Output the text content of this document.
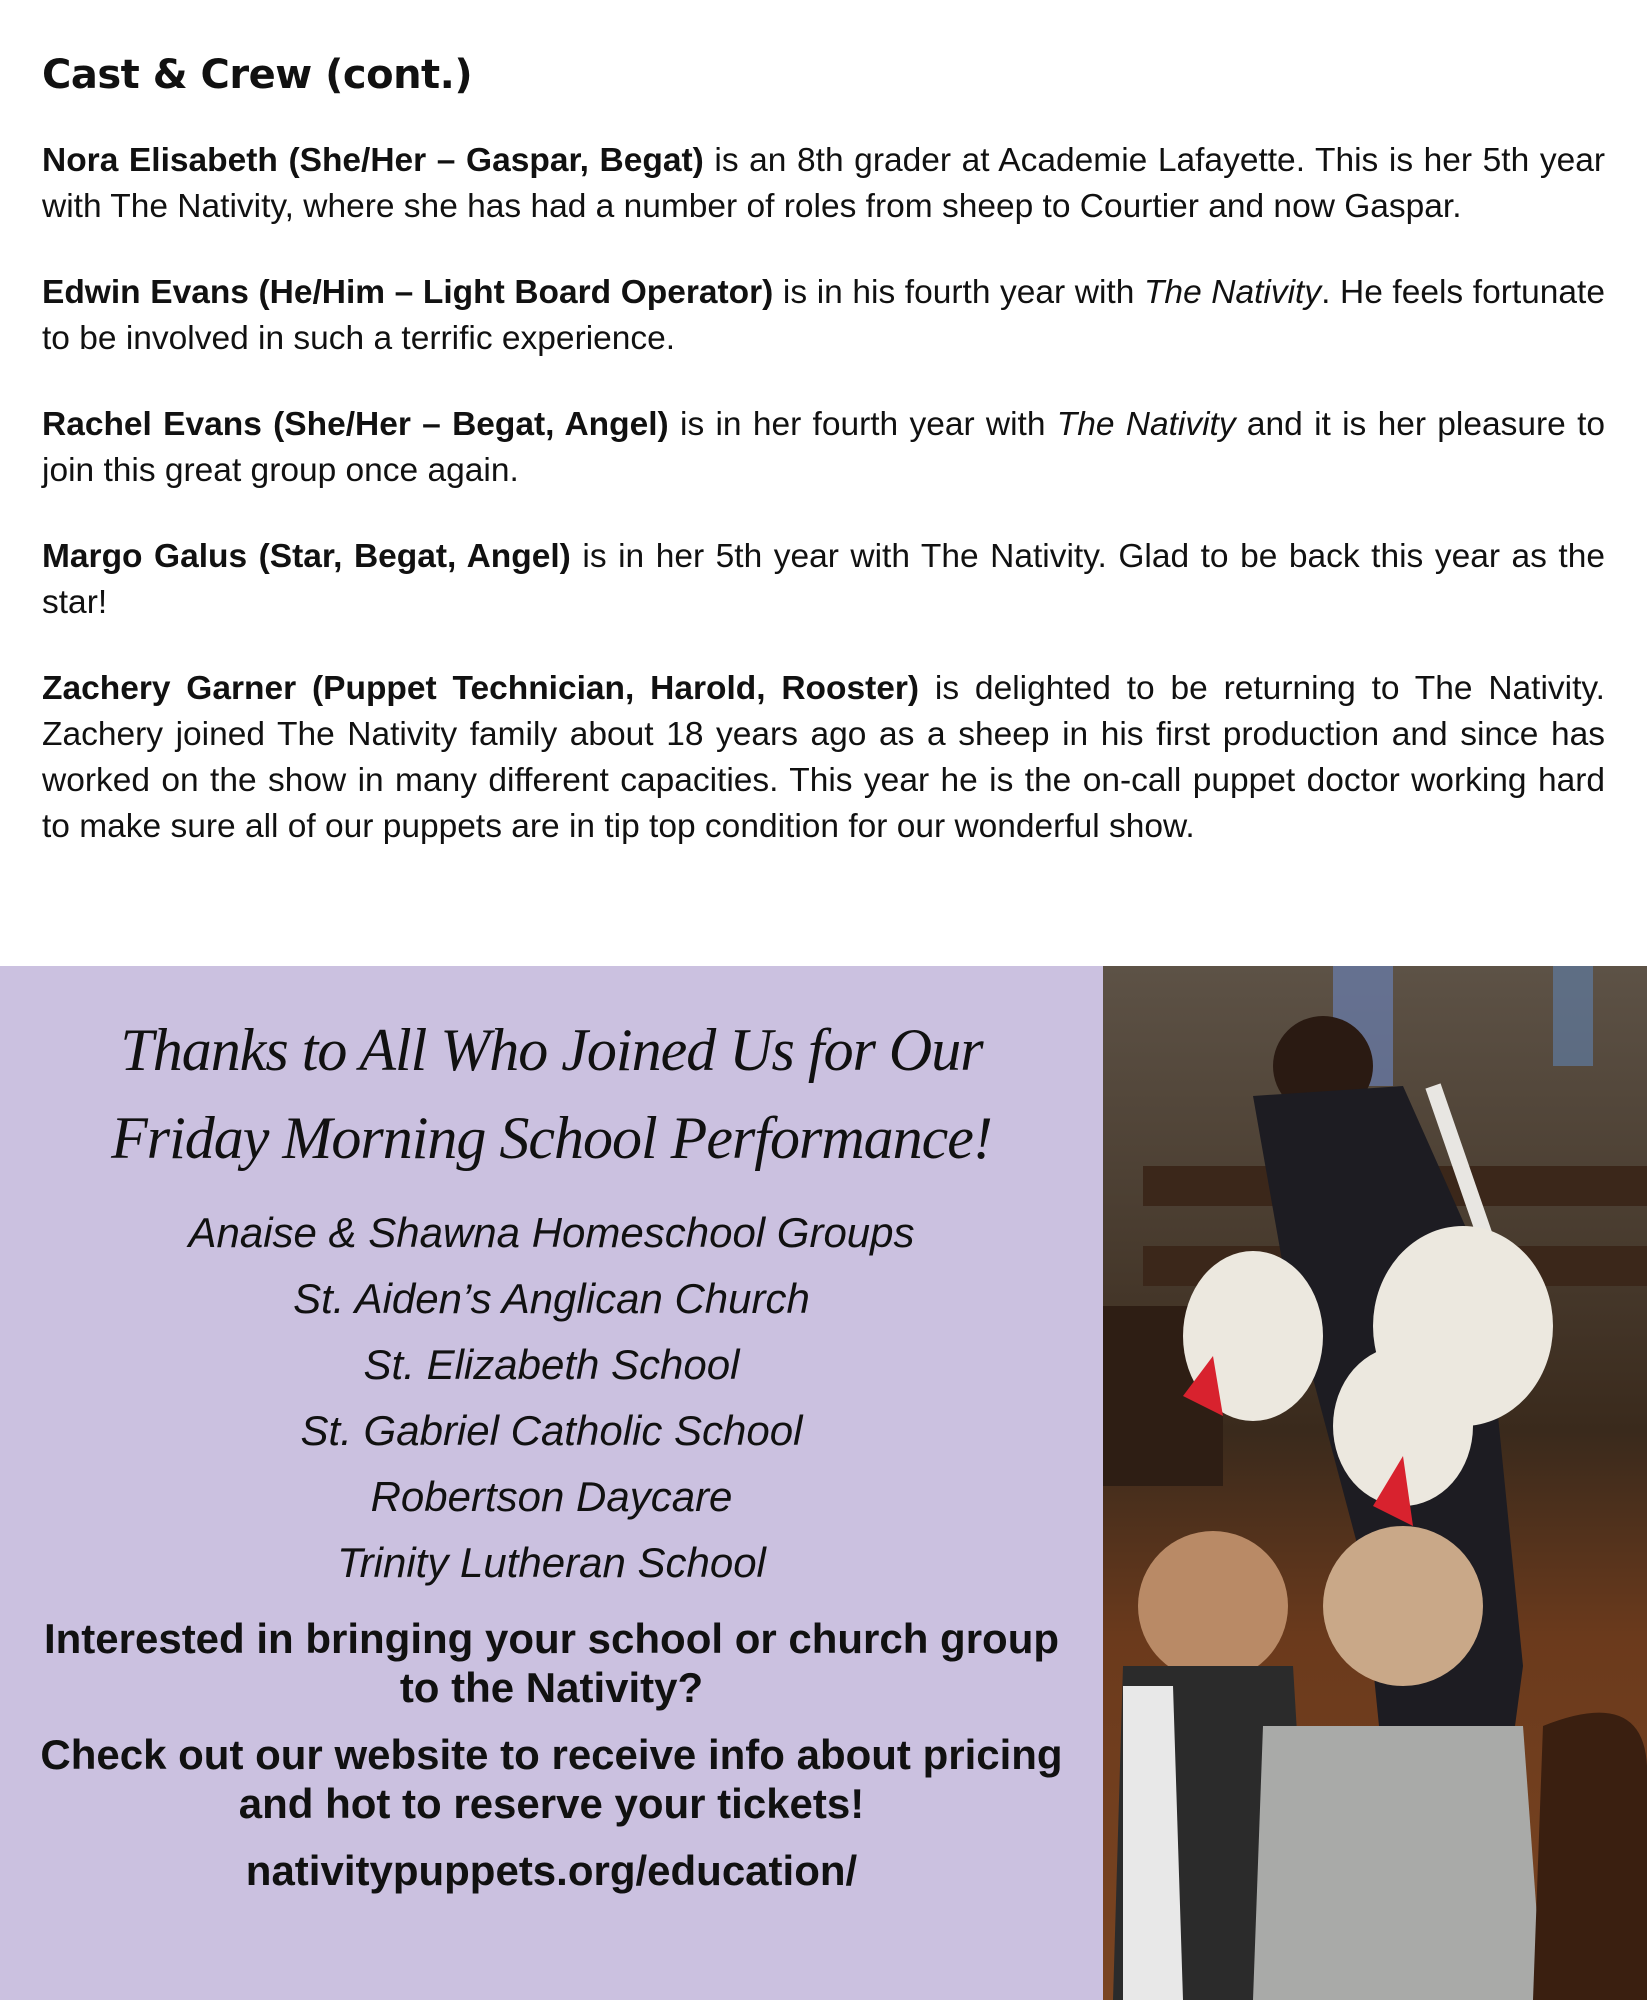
Cast & Crew (cont.)

Nora Elisabeth (She/Her – Gaspar, Begat) is an 8th grader at Academie Lafayette. This is her 5th year with The Nativity, where she has had a number of roles from sheep to Courtier and now Gaspar.

Edwin Evans (He/Him – Light Board Operator) is in his fourth year with The Nativity. He feels fortunate to be involved in such a terrific experience.

Rachel Evans (She/Her – Begat, Angel) is in her fourth year with The Nativity and it is her pleasure to join this great group once again.

Margo Galus (Star, Begat, Angel) is in her 5th year with The Nativity. Glad to be back this year as the star!

Zachery Garner (Puppet Technician, Harold, Rooster) is delighted to be returning to The Nativity. Zachery joined The Nativity family about 18 years ago as a sheep in his first production and since has worked on the show in many different capacities. This year he is the on-call puppet doctor working hard to make sure all of our puppets are in tip top condition for our wonderful show.

Thanks to All Who Joined Us for Our
Friday Morning School Performance!
Anaise & Shawna Homeschool Groups
St. Aiden’s Anglican Church
St. Elizabeth School
St. Gabriel Catholic School
Robertson Daycare
Trinity Lutheran School
Interested in bringing your school or church group to the Nativity?
Check out our website to receive info about pricing and hot to reserve your tickets!
nativitypuppets.org/education/
